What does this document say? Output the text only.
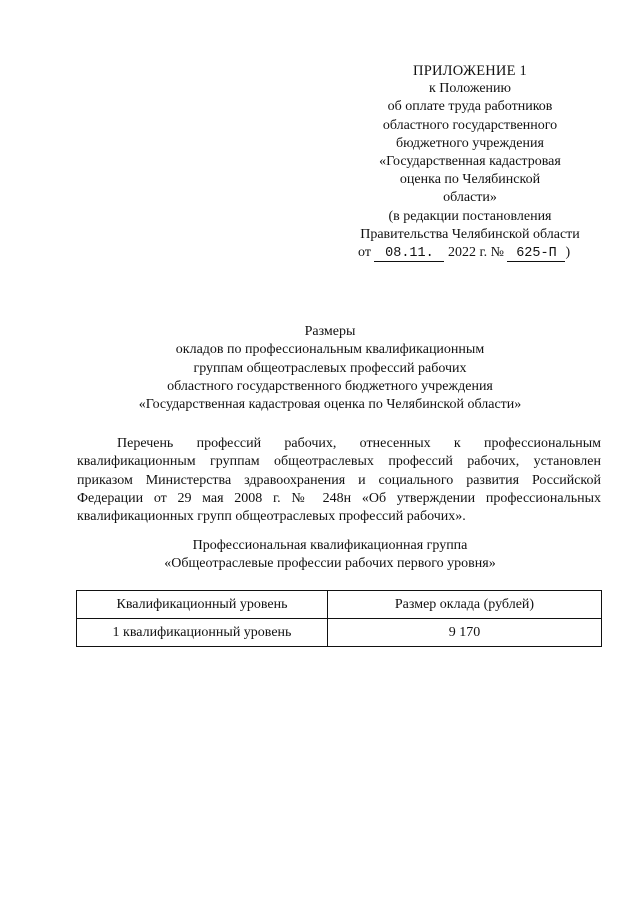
ПРИЛОЖЕНИЕ 1
к Положению
об оплате труда работников
областного государственного
бюджетного учреждения
«Государственная кадастровая
оценка по Челябинской
области»
(в редакции постановления
Правительства Челябинской области
от 08.11. 2022 г. № 625-П )
Размеры
окладов по профессиональным квалификационным
группам общеотраслевых профессий рабочих
областного государственного бюджетного учреждения
«Государственная кадастровая оценка по Челябинской области»
Перечень профессий рабочих, отнесенных к профессиональным
квалификационным группам общеотраслевых профессий рабочих, установлен
приказом Министерства здравоохранения и социального развития Российской
Федерации от 29 мая 2008 г. № 248н «Об утверждении профессиональных
квалификационных групп общеотраслевых профессий рабочих».
Профессиональная квалификационная группа
«Общеотраслевые профессии рабочих первого уровня»
Квалификационный уровень	Размер оклада (рублей)
1 квалификационный уровень	9 170
